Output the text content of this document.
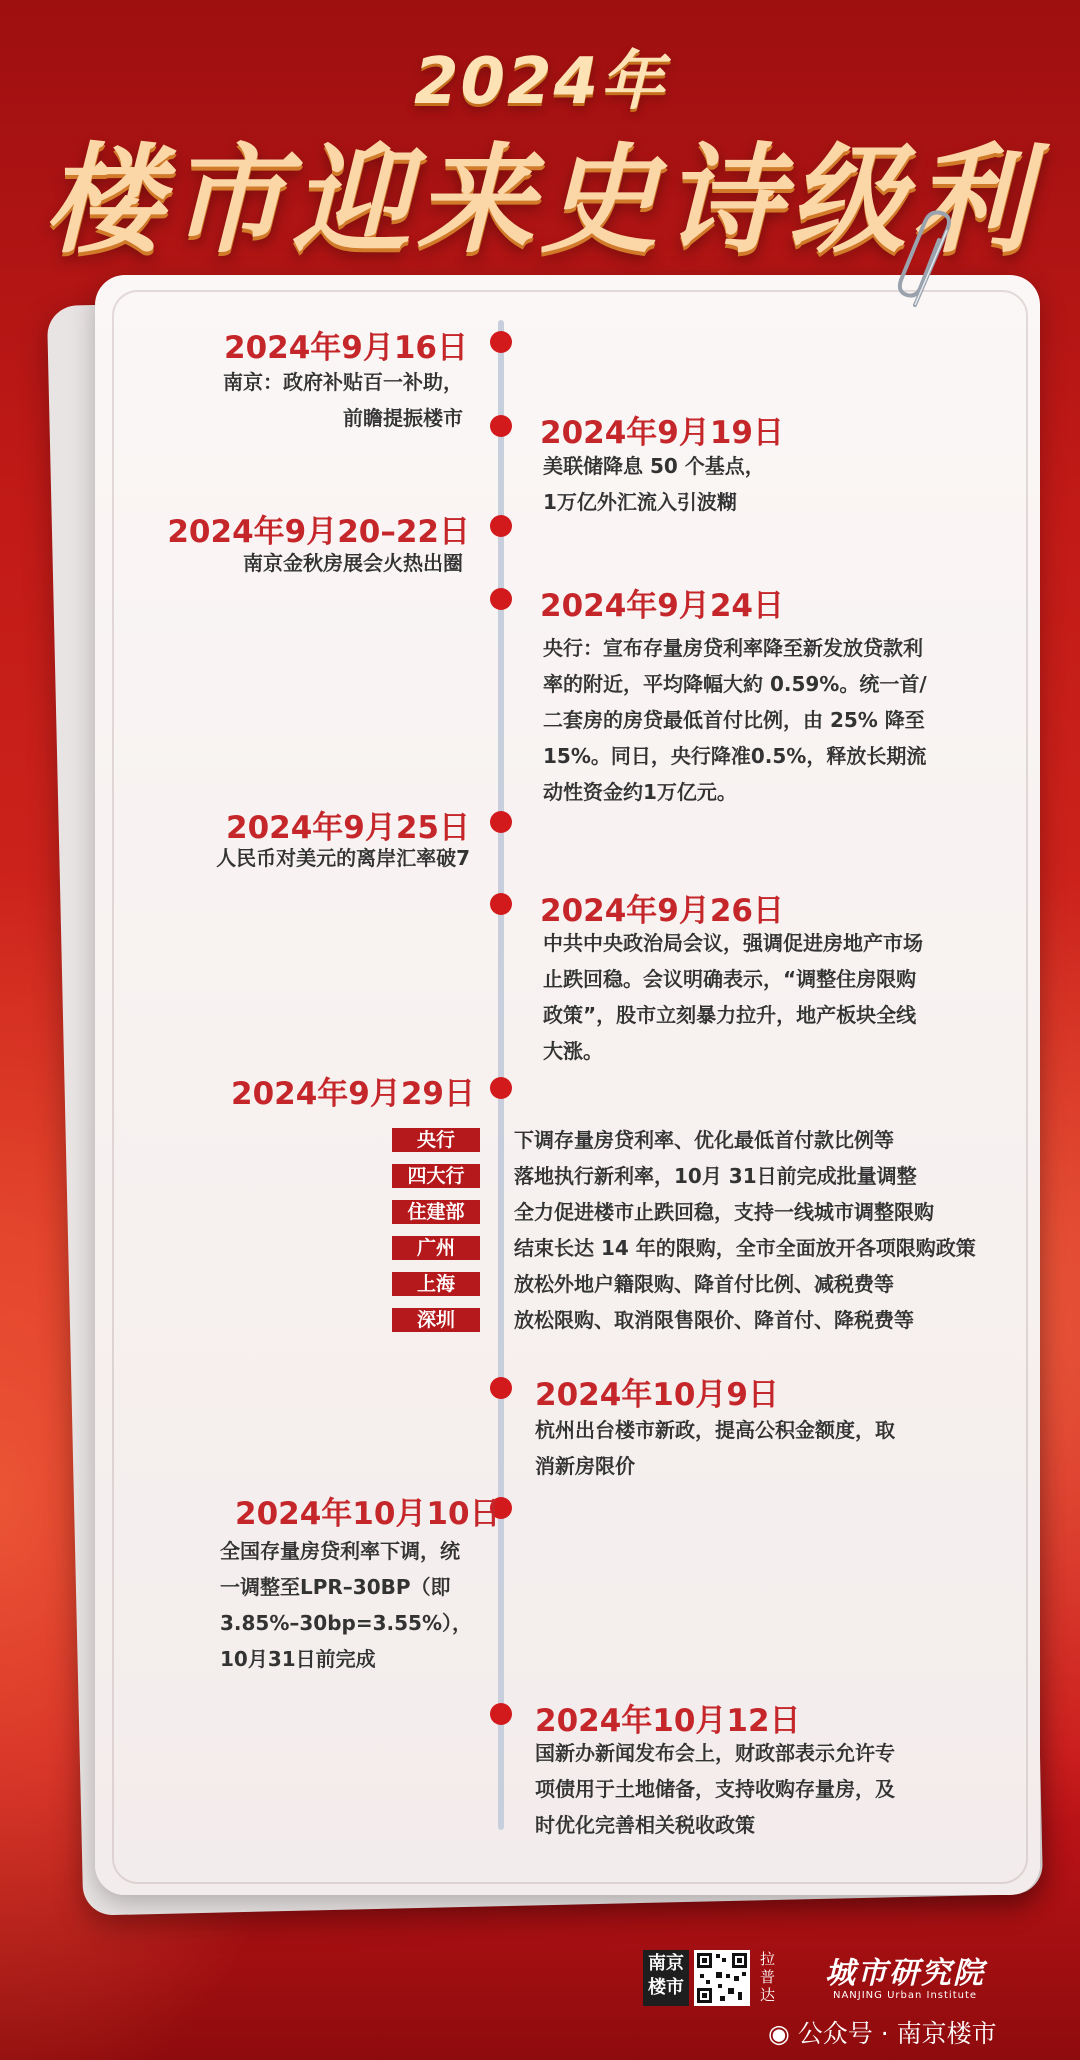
2024年
楼市迎来史诗级利
2024年9月16日
南京：政府补贴百一补助，
前瞻提振楼市 2024年9月19日
美联储降息 50 个基点，
1万亿外汇流入引波糊
2024年9月20–22日
南京金秋房展会火热出圈
2024年9月24日
央行：宣布存量房贷利率降至新发放贷款利
率的附近，平均降幅大約 0.59%。统一首/
二套房的房贷最低首付比例，由 25% 降至
15%。同日，央行降准0.5%，释放长期流
动性资金约1万亿元。
2024年9月25日
人民币对美元的离岸汇率破7
2024年9月26日
中共中央政治局会议，强调促进房地产市场
止跌回稳。会议明确表示，“调整住房限购
政策”，股市立刻暴力拉升，地产板块全线
大涨。
2024年9月29日
央行	下调存量房贷利率、优化最低首付款比例等
四大行	落地执行新利率，10月 31日前完成批量调整
住建部	全力促进楼市止跌回稳，支持一线城市调整限购
广州	结束长达 14 年的限购，全市全面放开各项限购政策
上海	放松外地户籍限购、降首付比例、减税费等
深圳	放松限购、取消限售限价、降首付、降税费等
2024年10月9日
杭州出台楼市新政，提高公积金额度，取
消新房限价
2024年10月10日
全国存量房贷利率下调，统
一调整至LPR–30BP（即
3.85%–30bp=3.55%），
10月31日前完成
2024年10月12日
国新办新闻发布会上，财政部表示允许专
项债用于土地储备，支持收购存量房，及
时优化完善相关税收政策
南京
楼市
拉普达
城市研究院
NANJING Urban Institute
◉ 公众号 · 南京楼市
